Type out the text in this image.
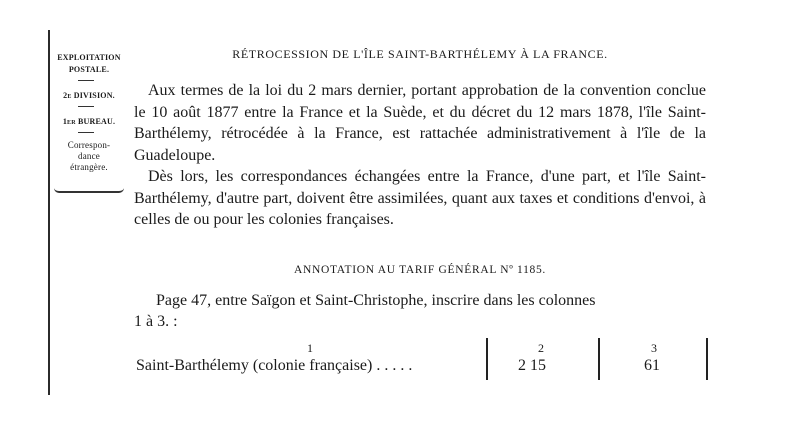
EXPLOITATION
POSTALE.
2e DIVISION.
1er BUREAU.
Correspon-
dance
étrangère.
RÉTROCESSION DE L'ÎLE SAINT-BARTHÉLEMY À LA FRANCE.
Aux termes de la loi du 2 mars dernier, portant approbation de la convention conclue le 10 août 1877 entre la France et la Suède, et du décret du 12 mars 1878, l'île Saint-Barthélemy, rétrocédée à la France, est rattachée administrativement à l'île de la Guadeloupe.
Dès lors, les correspondances échangées entre la France, d'une part, et l'île Saint-Barthélemy, d'autre part, doivent être assimilées, quant aux taxes et conditions d'envoi, à celles de ou pour les colonies françaises.
ANNOTATION AU TARIF GÉNÉRAL Nº 1185.
Page 47, entre Saïgon et Saint-Christophe, inscrire dans les colonnes
1 à 3. :
1	2	3
Saint-Barthélemy (colonie française) . . . . .	2 15	61
